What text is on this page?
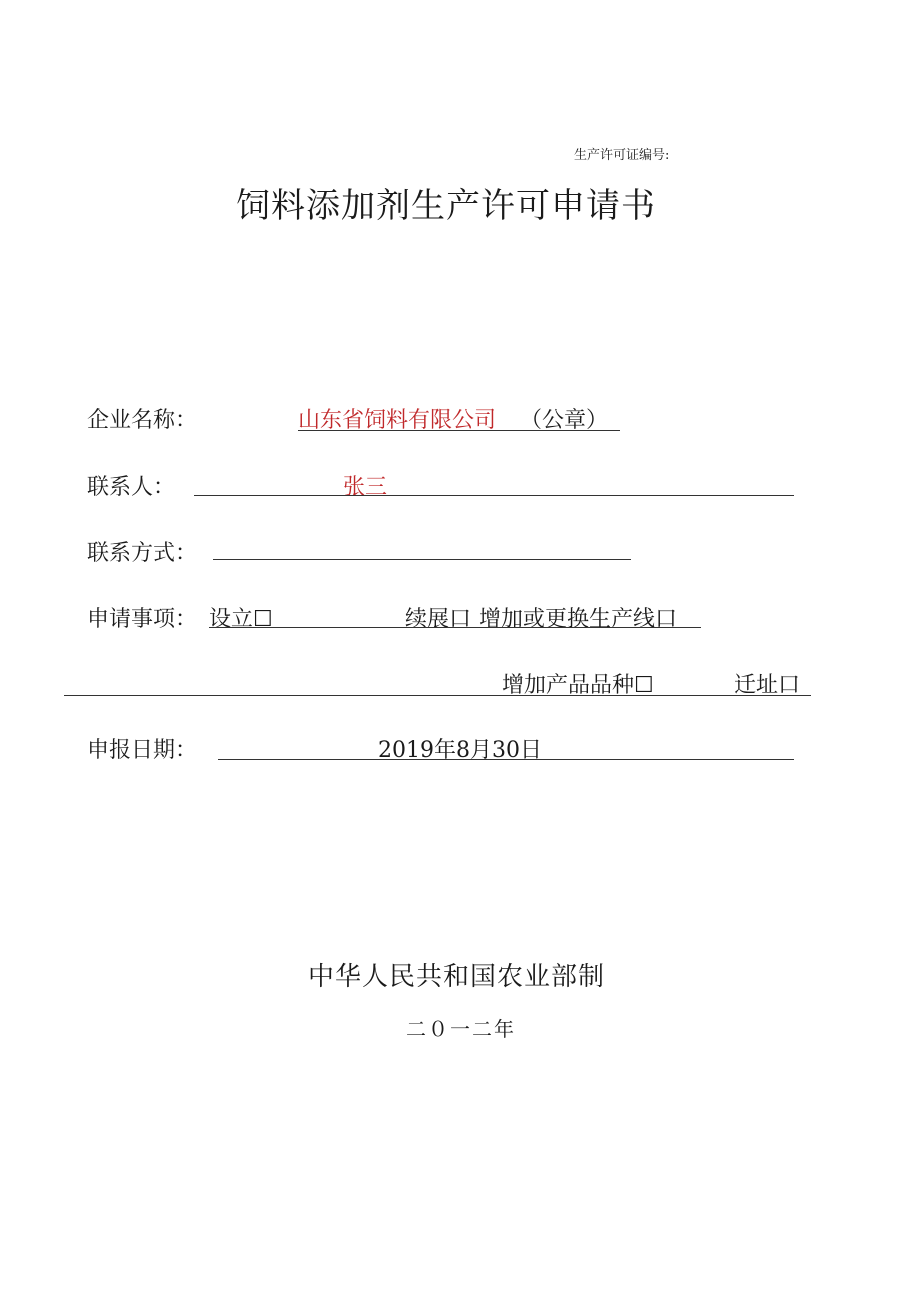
生产许可证编号:
饲料添加剂生产许可申请书
企业名称：	山东省饲料有限公司 （公章）
联系人：	张三
联系方式：
申请事项： 设立☐	续展口 增加或更换生产线口
增加产品品种☐	迁址口
申报日期：	2019年8月30日
中华人民共和国农业部制
二０一二年
